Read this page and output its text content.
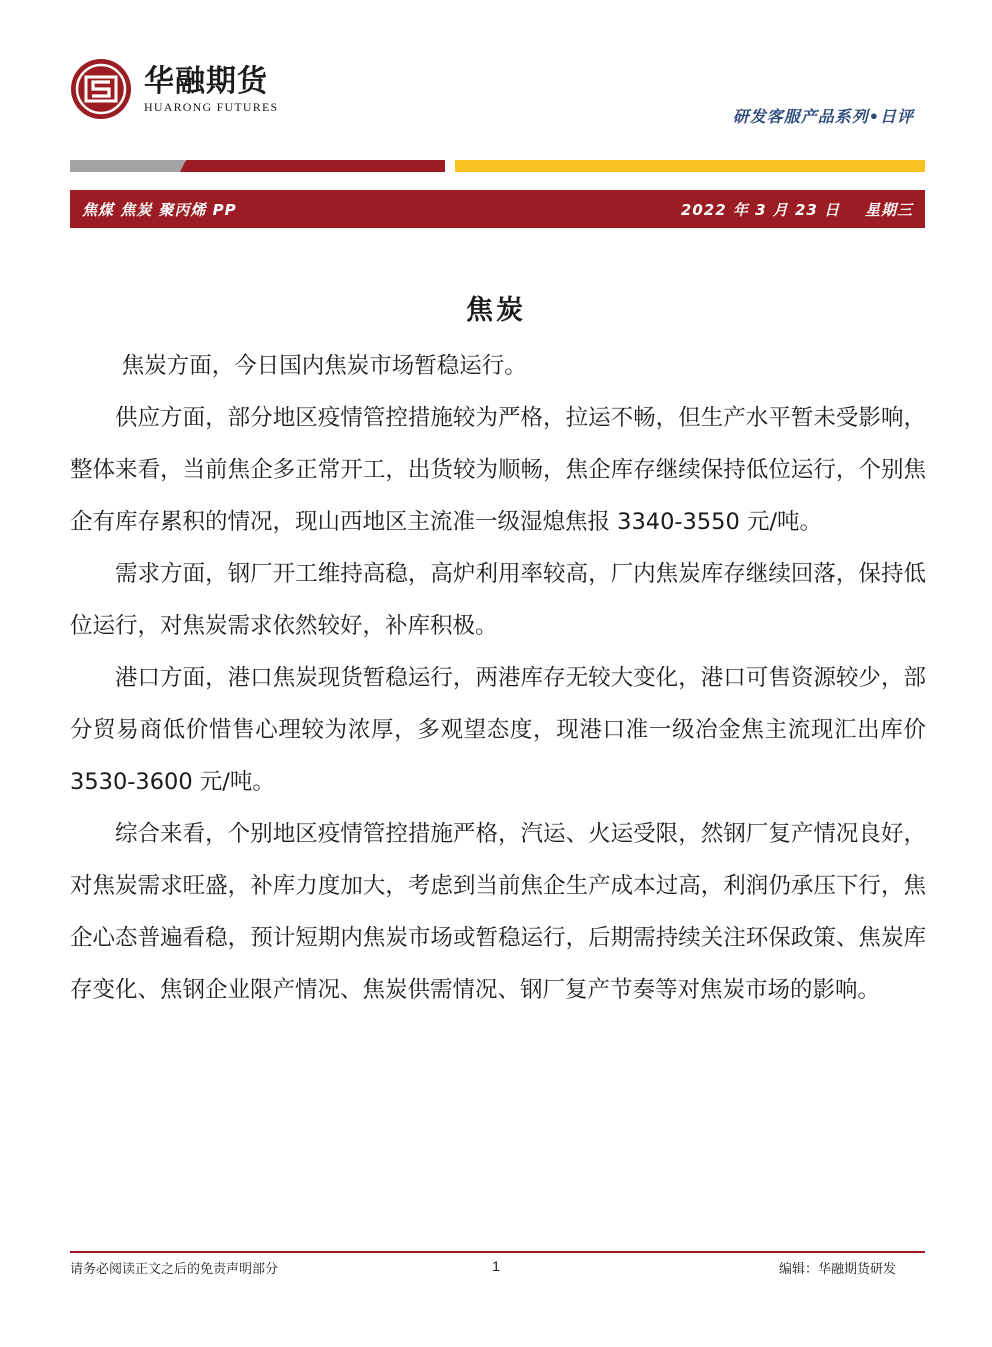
华融期货
HUARONG FUTURES
研发客服产品系列•日评
焦煤 焦炭 聚丙烯 PP	2022 年 3 月 23 日 星期三
焦炭

焦炭方面，今日国内焦炭市场暂稳运行。

供应方面，部分地区疫情管控措施较为严格，拉运不畅，但生产水平暂未受影响，整体来看，当前焦企多正常开工，出货较为顺畅，焦企库存继续保持低位运行，个别焦企有库存累积的情况，现山西地区主流准一级湿熄焦报 3340-3550 元/吨。

需求方面，钢厂开工维持高稳，高炉利用率较高，厂内焦炭库存继续回落，保持低位运行，对焦炭需求依然较好，补库积极。

港口方面，港口焦炭现货暂稳运行，两港库存无较大变化，港口可售资源较少，部分贸易商低价惜售心理较为浓厚，多观望态度，现港口准一级冶金焦主流现汇出库价 3530-3600 元/吨。

综合来看，个别地区疫情管控措施严格，汽运、火运受限，然钢厂复产情况良好，对焦炭需求旺盛，补库力度加大，考虑到当前焦企生产成本过高，利润仍承压下行，焦企心态普遍看稳，预计短期内焦炭市场或暂稳运行，后期需持续关注环保政策、焦炭库存变化、焦钢企业限产情况、焦炭供需情况、钢厂复产节奏等对焦炭市场的影响。

请务必阅读正文之后的免责声明部分	1	编辑：华融期货研发
